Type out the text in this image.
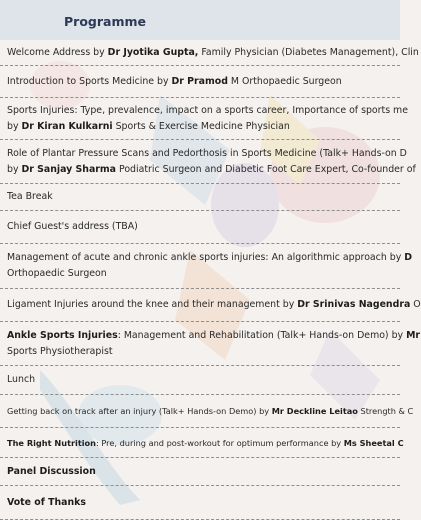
Programme
Welcome Address by Dr Jyotika Gupta, Family Physician (Diabetes Management), Clin
Introduction to Sports Medicine by Dr Pramod M Orthopaedic Surgeon
Sports Injuries: Type, prevalence, impact on a sports career, Importance of sports me
by Dr Kiran Kulkarni Sports & Exercise Medicine Physician
Role of Plantar Pressure Scans and Pedorthosis in Sports Medicine (Talk+ Hands-on D
by Dr Sanjay Sharma Podiatric Surgeon and Diabetic Foot Care Expert, Co-founder of
Tea Break
Chief Guest's address (TBA)
Management of acute and chronic ankle sports injuries: An algorithmic approach by D
Orthopaedic Surgeon
Ligament Injuries around the knee and their management by Dr Srinivas Nagendra O
Ankle Sports Injuries: Management and Rehabilitation (Talk+ Hands-on Demo) by Mr
Sports Physiotherapist
Lunch
Getting back on track after an injury (Talk+ Hands-on Demo) by Mr Deckline Leitao Strength & C
The Right Nutrition: Pre, during and post-workout for optimum performance by Ms Sheetal C
Panel Discussion
Vote of Thanks
